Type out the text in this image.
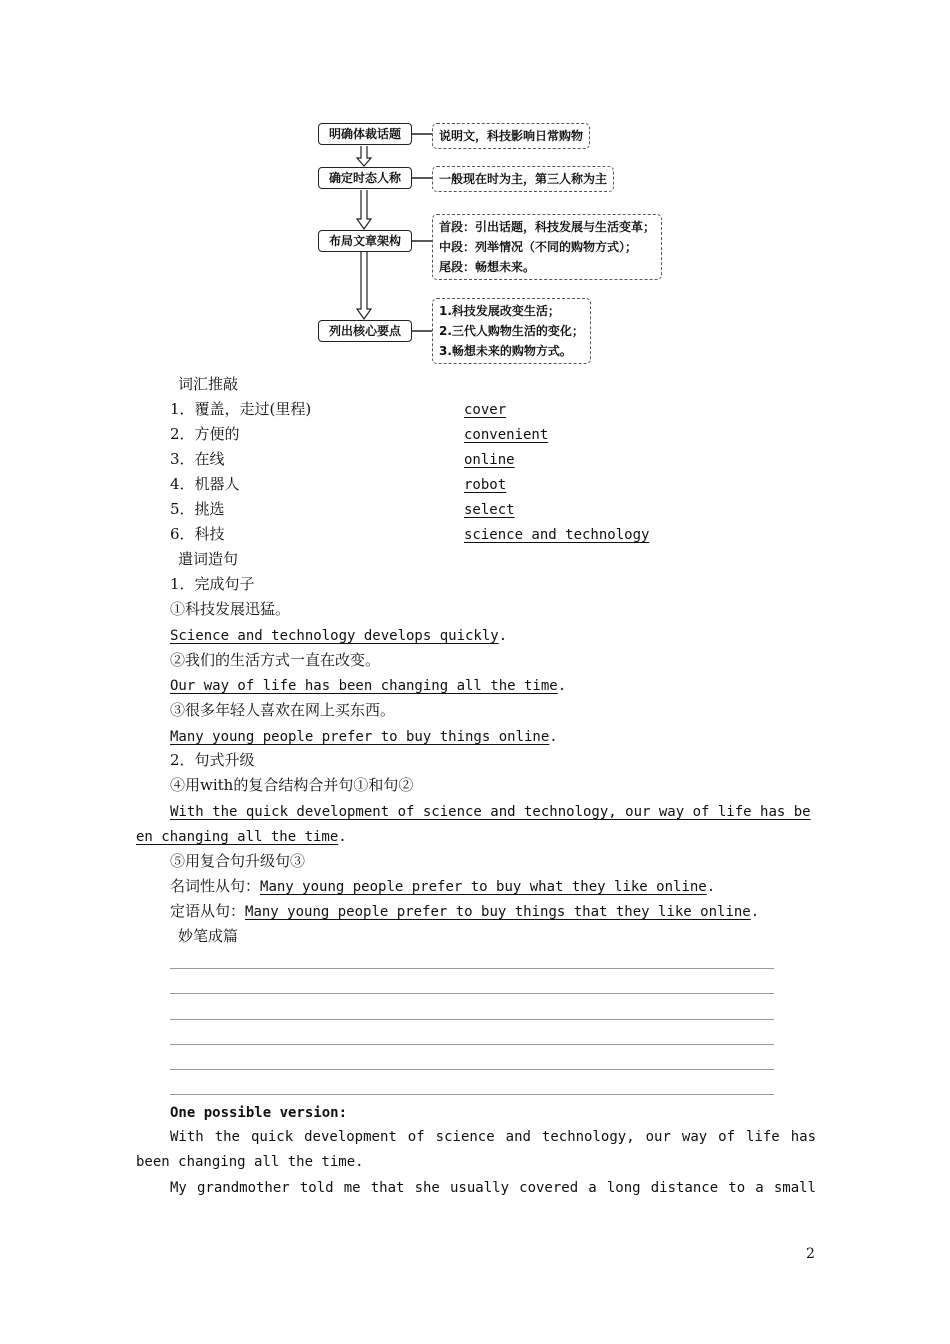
明确体裁话题
确定时态人称
布局文章架构
列出核心要点
说明文，科技影响日常购物
一般现在时为主，第三人称为主
首段：引出话题，科技发展与生活变革；
中段：列举情况（不同的购物方式）；
尾段：畅想未来。
1.科技发展改变生活；
2.三代人购物生活的变化；
3.畅想未来的购物方式。
词汇推敲
1．覆盖，走过(里程)	cover
2．方便的	convenient
3．在线	online
4．机器人	robot
5．挑选	select
6．科技	science and technology
遣词造句
1．完成句子
①科技发展迅猛。
Science and technology develops quickly.
②我们的生活方式一直在改变。
Our way of life has been changing all the time.
③很多年轻人喜欢在网上买东西。
Many young people prefer to buy things online.
2．句式升级
④用with的复合结构合并句①和句②
With the quick development of science and technology, our way of life has be
en changing all the time.
⑤用复合句升级句③
名词性从句：Many young people prefer to buy what they like online.
定语从句：Many young people prefer to buy things that they like online.
妙笔成篇
One possible version:
With the quick development of science and technology, our way of life has been changing all the time.
My grandmother told me that she usually covered a long distance to a small
2
